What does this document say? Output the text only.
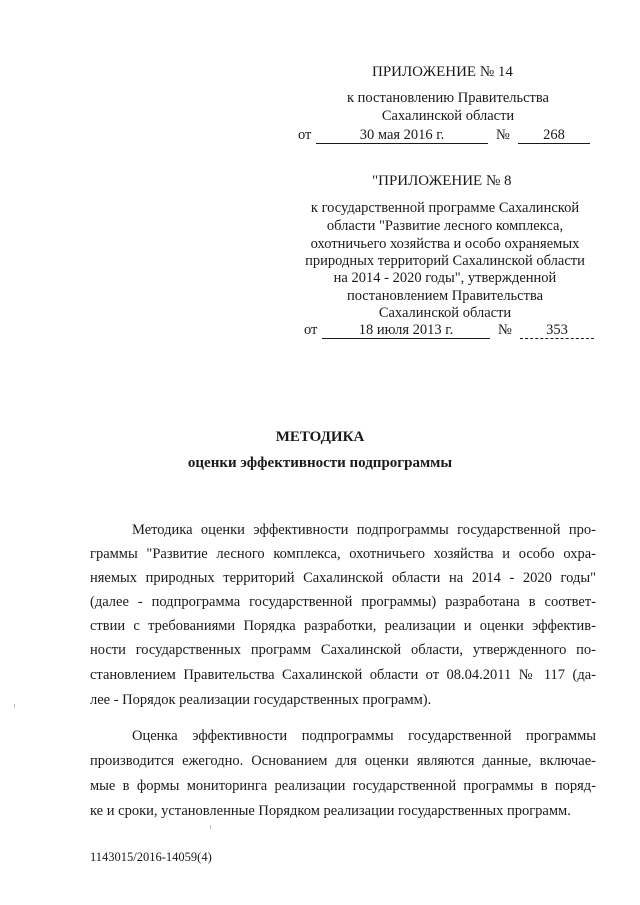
ПРИЛОЖЕНИЕ № 14
к постановлению Правительства
Сахалинской области
от	30 мая 2016 г.	№	268
"ПРИЛОЖЕНИЕ № 8
к государственной программе Сахалинской
области "Развитие лесного комплекса,
охотничьего хозяйства и особо охраняемых
природных территорий Сахалинской области
на 2014 - 2020 годы", утвержденной
постановлением Правительства
Сахалинской области
от	18 июля 2013 г.	№	353
МЕТОДИКА
оценки эффективности подпрограммы
Методика оценки эффективности подпрограммы государственной про-
граммы "Развитие лесного комплекса, охотничьего хозяйства и особо охра-
няемых природных территорий Сахалинской области на 2014 - 2020 годы"
(далее - подпрограмма государственной программы) разработана в соответ-
ствии с требованиями Порядка разработки, реализации и оценки эффектив-
ности государственных программ Сахалинской области, утвержденного по-
становлением Правительства Сахалинской области от 08.04.2011 № 117 (да-
лее - Порядок реализации государственных программ).
Оценка эффективности подпрограммы государственной программы
производится ежегодно. Основанием для оценки являются данные, включае-
мые в формы мониторинга реализации государственной программы в поряд-
ке и сроки, установленные Порядком реализации государственных программ.
1143015/2016-14059(4)
